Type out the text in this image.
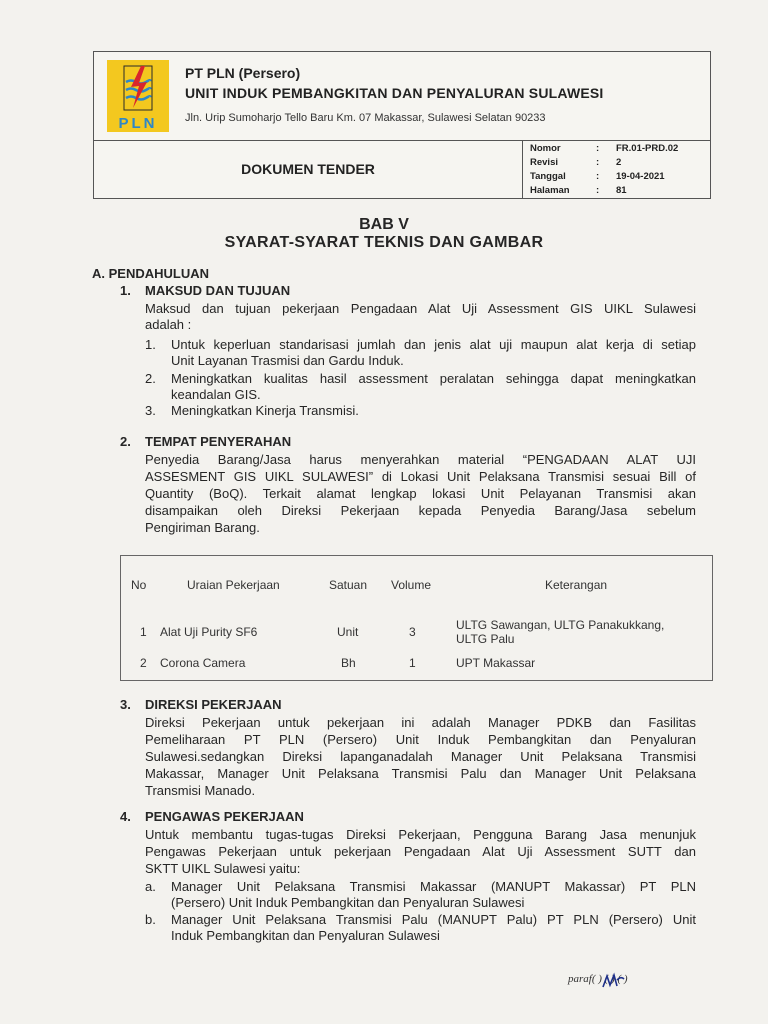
PLN
PT PLN (Persero)
UNIT INDUK PEMBANGKITAN DAN PENYALURAN SULAWESI
Jln. Urip Sumoharjo Tello Baru Km. 07 Makassar, Sulawesi Selatan 90233
DOKUMEN TENDER
Nomor	: FR.01-PRD.02
Revisi	: 2
Tanggal	: 19-04-2021
Halaman	: 81
BAB V
SYARAT-SYARAT TEKNIS DAN GAMBAR
A. PENDAHULUAN
1. MAKSUD DAN TUJUAN
Maksud dan tujuan pekerjaan Pengadaan Alat Uji Assessment GIS UIKL Sulawesi
adalah :
1. Untuk keperluan standarisasi jumlah dan jenis alat uji maupun alat kerja di setiap
Unit Layanan Trasmisi dan Gardu Induk.
2. Meningkatkan kualitas hasil assessment peralatan sehingga dapat meningkatkan
keandalan GIS.
3. Meningkatkan Kinerja Transmisi.
2. TEMPAT PENYERAHAN
Penyedia Barang/Jasa harus menyerahkan material “PENGADAAN ALAT UJI
ASSESMENT GIS UIKL SULAWESI” di Lokasi Unit Pelaksana Transmisi sesuai Bill of
Quantity (BoQ). Terkait alamat lengkap lokasi Unit Pelayanan Transmisi akan
disampaikan oleh Direksi Pekerjaan kepada Penyedia Barang/Jasa sebelum
Pengiriman Barang.
No	Uraian Pekerjaan	Satuan Volume	Keterangan
1 Alat Uji Purity SF6	Unit	3	ULTG Sawangan, ULTG Panakukkang,
ULTG Palu
2 Corona Camera	Bh	1	UPT Makassar
3. DIREKSI PEKERJAAN
Direksi Pekerjaan untuk pekerjaan ini adalah Manager PDKB dan Fasilitas
Pemeliharaan PT PLN (Persero) Unit Induk Pembangkitan dan Penyaluran
Sulawesi.sedangkan Direksi lapanganadalah Manager Unit Pelaksana Transmisi
Makassar, Manager Unit Pelaksana Transmisi Palu dan Manager Unit Pelaksana
Transmisi Manado.
4. PENGAWAS PEKERJAAN
Untuk membantu tugas-tugas Direksi Pekerjaan, Pengguna Barang Jasa menunjuk
Pengawas Pekerjaan untuk pekerjaan Pengadaan Alat Uji Assessment SUTT dan
SKTT UIKL Sulawesi yaitu:
a. Manager Unit Pelaksana Transmisi Makassar (MANUPT Makassar) PT PLN
(Persero) Unit Induk Pembangkitan dan Penyaluran Sulawesi
b. Manager Unit Pelaksana Transmisi Palu (MANUPT Palu) PT PLN (Persero) Unit
Induk Pembangkitan dan Penyaluran Sulawesi
paraf( ) ( ) ( )
